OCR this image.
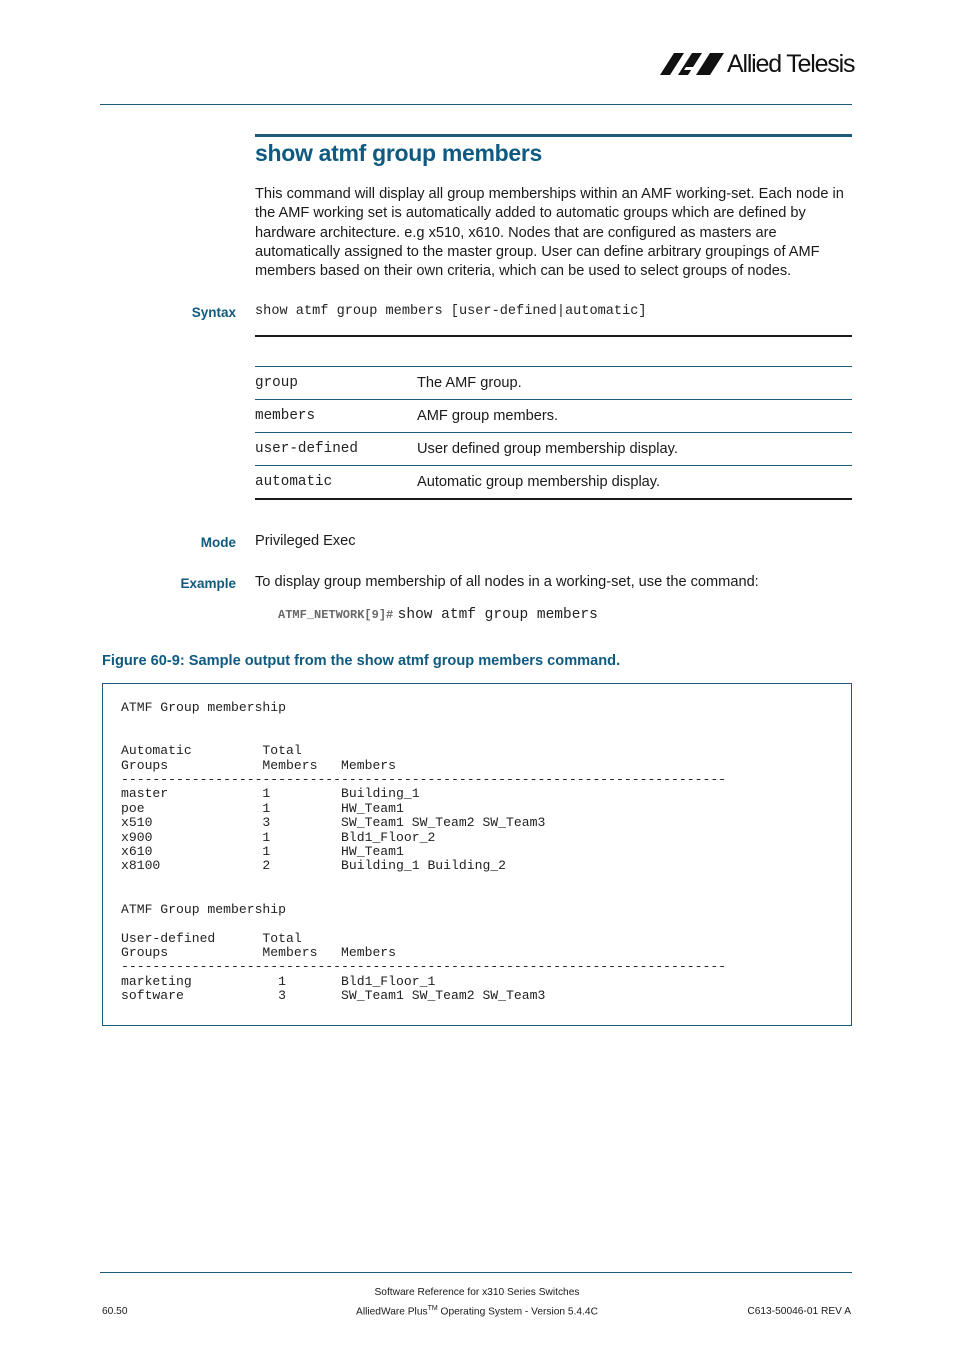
Allied Telesis
show atmf group members
This command will display all group memberships within an AMF working-set. Each node in the AMF working set is automatically added to automatic groups which are defined by hardware architecture. e.g x510, x610. Nodes that are configured as masters are automatically assigned to the master group. User can define arbitrary groupings of AMF members based on their own criteria, which can be used to select groups of nodes.
Syntax show atmf group members [user-defined|automatic]

group	The AMF group.
members	AMF group members.
user-defined	User defined group membership display.
automatic	Automatic group membership display.
Mode Privileged Exec
Example To display group membership of all nodes in a working-set, use the command:
ATMF_NETWORK[9]# show atmf group members
Figure 60-9: Sample output from the show atmf group members command.
ATMF Group membership

Automatic         Total
Groups            Members   Members
-----------------------------------------------------------------------------
master            1         Building_1
poe               1         HW_Team1
x510              3         SW_Team1 SW_Team2 SW_Team3
x900              1         Bld1_Floor_2
x610              1         HW_Team1
x8100             2         Building_1 Building_2

ATMF Group membership

User-defined      Total
Groups            Members   Members
-----------------------------------------------------------------------------
marketing           1       Bld1_Floor_1
software            3       SW_Team1 SW_Team2 SW_Team3
Software Reference for x310 Series Switches
AlliedWare Plus™ Operating System - Version 5.4.4C
60.50	C613-50046-01 REV A
